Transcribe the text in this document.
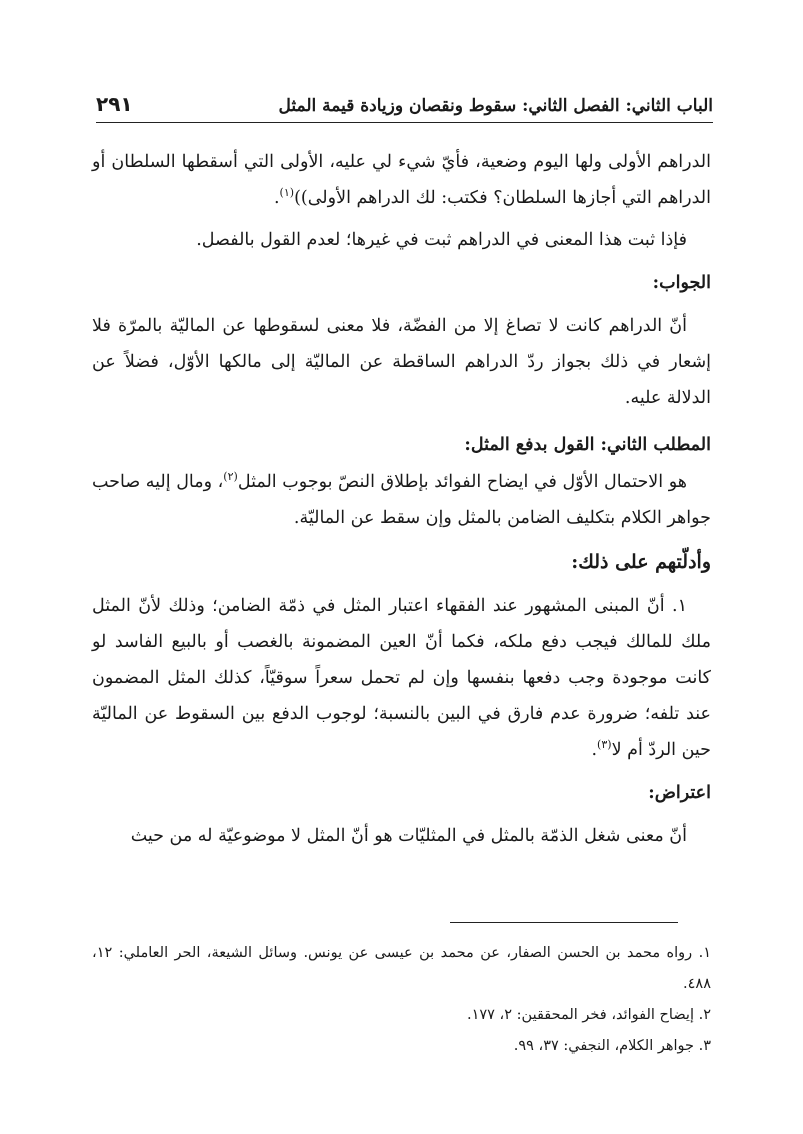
الباب الثاني: الفصل الثاني: سقوط ونقصان وزيادة قيمة المثل
٢٩١

الدراهم الأولى ولها اليوم وضعية، فأيّ شيء لي عليه، الأولى التي أسقطها السلطان أو الدراهم التي أجازها السلطان؟ فكتب: لك الدراهم الأولى))$^{(١)}$.

فإذا ثبت هذا المعنى في الدراهم ثبت في غيرها؛ لعدم القول بالفصل.

الجواب:

أنّ الدراهم كانت لا تصاغ إلا من الفضّة، فلا معنى لسقوطها عن الماليّة بالمرّة فلا إشعار في ذلك بجواز ردّ الدراهم الساقطة عن الماليّة إلى مالكها الأوّل، فضلاً عن الدلالة عليه.

المطلب الثاني: القول بدفع المثل:

هو الاحتمال الأوّل في ايضاح الفوائد بإطلاق النصّ بوجوب المثل$^{(٢)}$، ومال إليه صاحب جواهر الكلام بتكليف الضامن بالمثل وإن سقط عن الماليّة.

وأدلّتهم على ذلك:

١. أنّ المبنى المشهور عند الفقهاء اعتبار المثل في ذمّة الضامن؛ وذلك لأنّ المثل ملك للمالك فيجب دفع ملكه، فكما أنّ العين المضمونة بالغصب أو بالبيع الفاسد لو كانت موجودة وجب دفعها بنفسها وإن لم تحمل سعراً سوقيّاً، كذلك المثل المضمون عند تلفه؛ ضرورة عدم فارق في البين بالنسبة؛ لوجوب الدفع بين السقوط عن الماليّة حين الردّ أم لا$^{(٣)}$.

اعتراض:

أنّ معنى شغل الذمّة بالمثل في المثليّات هو أنّ المثل لا موضوعيّة له من حيث

١. رواه محمد بن الحسن الصفار، عن محمد بن عيسى عن يونس. وسائل الشيعة، الحر العاملي: ١٢، ٤٨٨.

٢. إيضاح الفوائد، فخر المحققين: ٢، ١٧٧.

٣. جواهر الكلام، النجفي: ٣٧، ٩٩.
